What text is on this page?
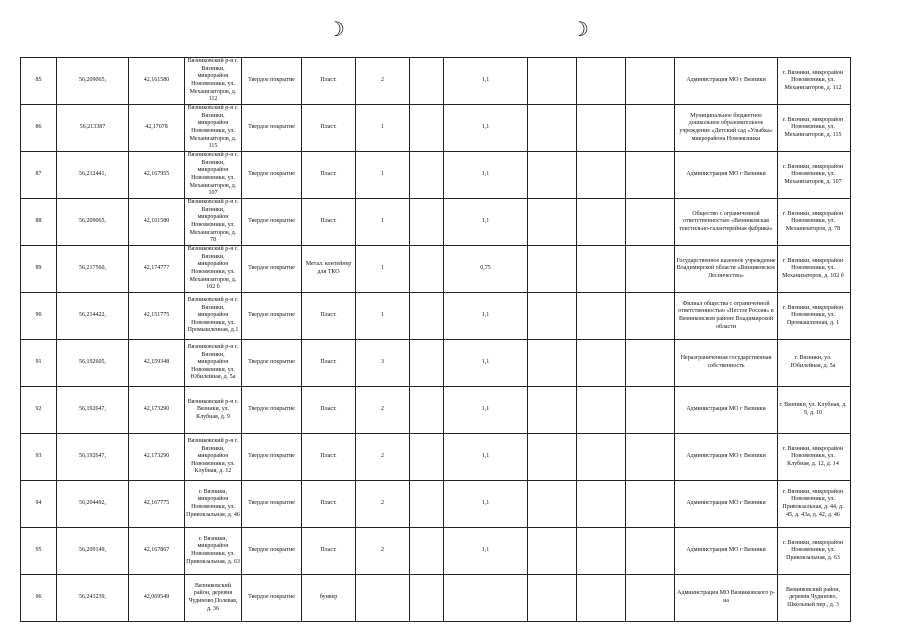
☽	☽
85	56,209065,	42,161580	Вязниковский р-н г. Вязники, микрорайон Нововязники, ул. Механизаторов, д. 112	Твердое покрытие	Пласт.	2		1,1				Администрация МО г Вязники	г. Вязники, микрорайон Нововязники, ул. Механизаторов, д. 112
86	56,213387	42,17078	Вязниковский р-н г. Вязники, микрорайон Нововязники, ул. Механизаторов, д. 115	Твердое покрытие	Пласт.	1		1,1				Муниципальное бюджетное дошкольное образовательное учреждение «Детский сад «Улыбка» микрорайона Нововязники	г. Вязники, микрорайон Нововязники, ул. Механизаторов, д. 115
87	56,212441,	42,167955	Вязниковский р-н г. Вязники, микрорайон Нововязники, ул. Механизаторов, д. 107	Твердое покрытие	Пласт.	1		1,1				Администрация МО г Вязники	г. Вязники, микрорайон Нововязники, ул. Механизаторов, д. 107
88	56,209065,	42,161580	Вязниковский р-н г. Вязники, микрорайон Нововязники, ул. Механизаторов, д. 78	Твердое покрытие	Пласт.	1		1,1				Общество с ограниченной ответственностью «Вязниковская текстильно-галантерейная фабрика»	г. Вязники, микрорайон Нововязники, ул. Механизаторов, д. 78
89	56,217560,	42,174777	Вязниковский р-н г. Вязники, микрорайон Нововязники, ул. Механизаторов, д. 102 б	Твердое покрытие	Метал. контейнер для ТКО	1		0,75				Государственное казенное учреждение Владимирской области «Вязниковское Лесничество»	г. Вязники, микрорайон Нововязники, ул. Механизаторов, д. 102 б
90	56,214422,	42,151775	Вязниковский р-н г. Вязники, микрорайон Нововязники, ул. Промышленная, д.1	Твердое покрытие	Пласт.	1		1,1				Филиал общества с ограниченной ответственностью «Нестле Россия» в Вязниковском районе Владимирской области	г. Вязники, микрорайон Нововязники, ул. Промышленная, д. 1
91	56,192605,	42,159348	Вязниковский р-н г. Вязники, микрорайон Нововязники, ул. Юбилейная, д. 5а	Твердое покрытие	Пласт.	3		1,1				Неразграниченная государственная собственность	г. Вязники, ул. Юбилейная, д. 5а
92	56,192647,	42,173290	Вязниковский р-н г. Вязники, ул. Клубная, д. 9	Твердое покрытие	Пласт.	2		1,1				Администрация МО г Вязники	г. Вязники, ул. Клубная, д. 9, д. 10
93	56,192647,	42,173290	Вязниковский р-н г. Вязники, микрорайон Нововязники, ул. Клубная, д. 12	Твердое покрытие	Пласт.	2		1,1				Администрация МО г Вязники	г. Вязники, микрорайон Нововязники, ул. Клубная, д. 12, д. 14
94	56,204492,	42,167775	г. Вязники, микрорайон Нововязники, ул. Привокзальная, д. 46	Твердое покрытие	Пласт.	2		1,1				Администрация МО г Вязники	г. Вязники, микрорайон Нововязники, ул. Привокзальная, д. 44, д. 45, д. 43а, д. 42, д. 46
95	56,209149,	42,167867	г. Вязники, микрорайон Нововязники, ул. Привокзальная, д. 63	Твердое покрытие	Пласт.	2		1,1				Администрация МО г Вязники	г. Вязники, микрорайон Нововязники, ул. Привокзальная, д. 63
96	56,243239,	42,069549	Вязниковский район, деревня Чудиново,Полевая, д. 36	Твердое покрытие	бункер							Администрация МО Вязниковского р-на	Вязниковский район, деревня Чудиново, Школьный пер., д. 3
